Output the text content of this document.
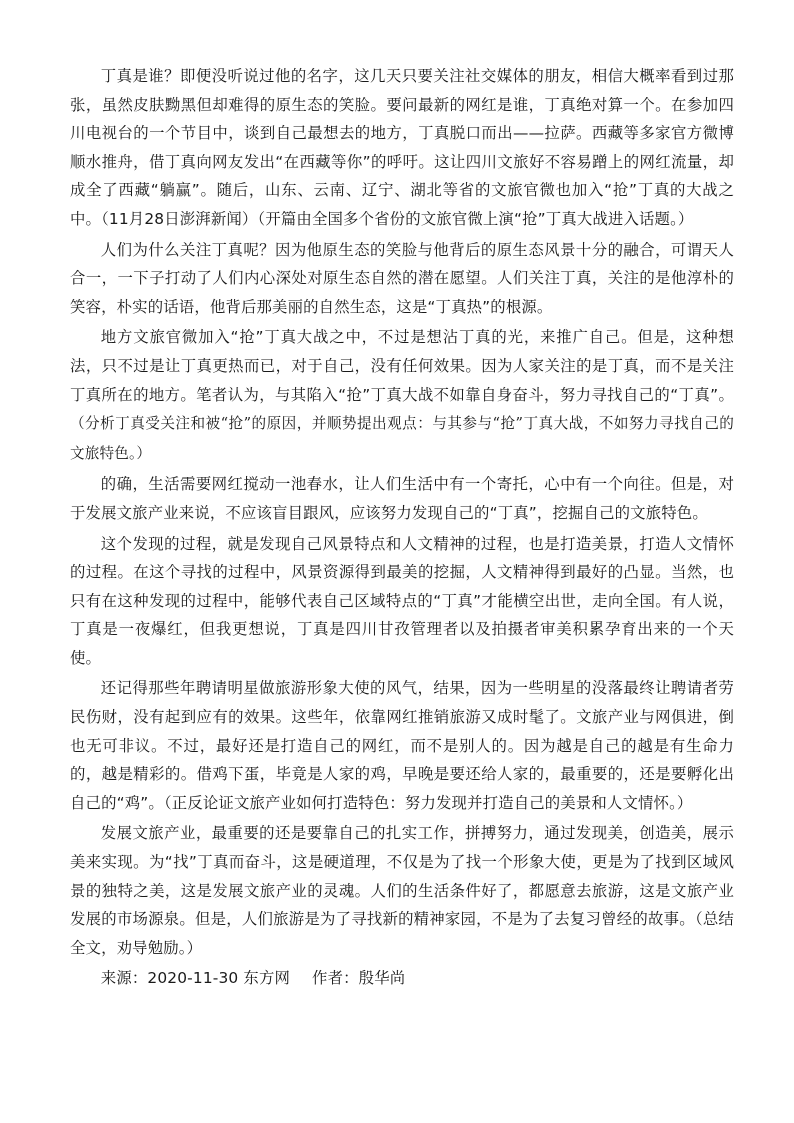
丁真是谁？即便没听说过他的名字，这几天只要关注社交媒体的朋友，相信大概率看到过那张，虽然皮肤黝黑但却难得的原生态的笑脸。要问最新的网红是谁，丁真绝对算一个。在参加四川电视台的一个节目中，谈到自己最想去的地方，丁真脱口而出——拉萨。西藏等多家官方微博顺水推舟，借丁真向网友发出“在西藏等你”的呼吁。这让四川文旅好不容易蹭上的网红流量，却成全了西藏“躺赢”。随后，山东、云南、辽宁、湖北等省的文旅官微也加入“抢”丁真的大战之中。（11月28日澎湃新闻）（开篇由全国多个省份的文旅官微上演“抢”丁真大战进入话题。）

人们为什么关注丁真呢？因为他原生态的笑脸与他背后的原生态风景十分的融合，可谓天人合一，一下子打动了人们内心深处对原生态自然的潜在愿望。人们关注丁真，关注的是他淳朴的笑容，朴实的话语，他背后那美丽的自然生态，这是“丁真热”的根源。

地方文旅官微加入“抢”丁真大战之中，不过是想沾丁真的光，来推广自己。但是，这种想法，只不过是让丁真更热而已，对于自己，没有任何效果。因为人家关注的是丁真，而不是关注丁真所在的地方。笔者认为，与其陷入“抢”丁真大战不如靠自身奋斗，努力寻找自己的“丁真”。（分析丁真受关注和被“抢”的原因，并顺势提出观点：与其参与“抢”丁真大战，不如努力寻找自己的文旅特色。）

的确，生活需要网红搅动一池春水，让人们生活中有一个寄托，心中有一个向往。但是，对于发展文旅产业来说，不应该盲目跟风，应该努力发现自己的“丁真”，挖掘自己的文旅特色。

这个发现的过程，就是发现自己风景特点和人文精神的过程，也是打造美景，打造人文情怀的过程。在这个寻找的过程中，风景资源得到最美的挖掘，人文精神得到最好的凸显。当然，也只有在这种发现的过程中，能够代表自己区域特点的“丁真”才能横空出世，走向全国。有人说，丁真是一夜爆红，但我更想说，丁真是四川甘孜管理者以及拍摄者审美积累孕育出来的一个天使。

还记得那些年聘请明星做旅游形象大使的风气，结果，因为一些明星的没落最终让聘请者劳民伤财，没有起到应有的效果。这些年，依靠网红推销旅游又成时髦了。文旅产业与网俱进，倒也无可非议。不过，最好还是打造自己的网红，而不是别人的。因为越是自己的越是有生命力的，越是精彩的。借鸡下蛋，毕竟是人家的鸡，早晚是要还给人家的，最重要的，还是要孵化出自己的“鸡”。（正反论证文旅产业如何打造特色：努力发现并打造自己的美景和人文情怀。）

发展文旅产业，最重要的还是要靠自己的扎实工作，拼搏努力，通过发现美，创造美，展示美来实现。为“找”丁真而奋斗，这是硬道理，不仅是为了找一个形象大使，更是为了找到区域风景的独特之美，这是发展文旅产业的灵魂。人们的生活条件好了，都愿意去旅游，这是文旅产业发展的市场源泉。但是，人们旅游是为了寻找新的精神家园，不是为了去复习曾经的故事。（总结全文，劝导勉励。）

来源：2020-11-30 东方网 作者：殷华尚
